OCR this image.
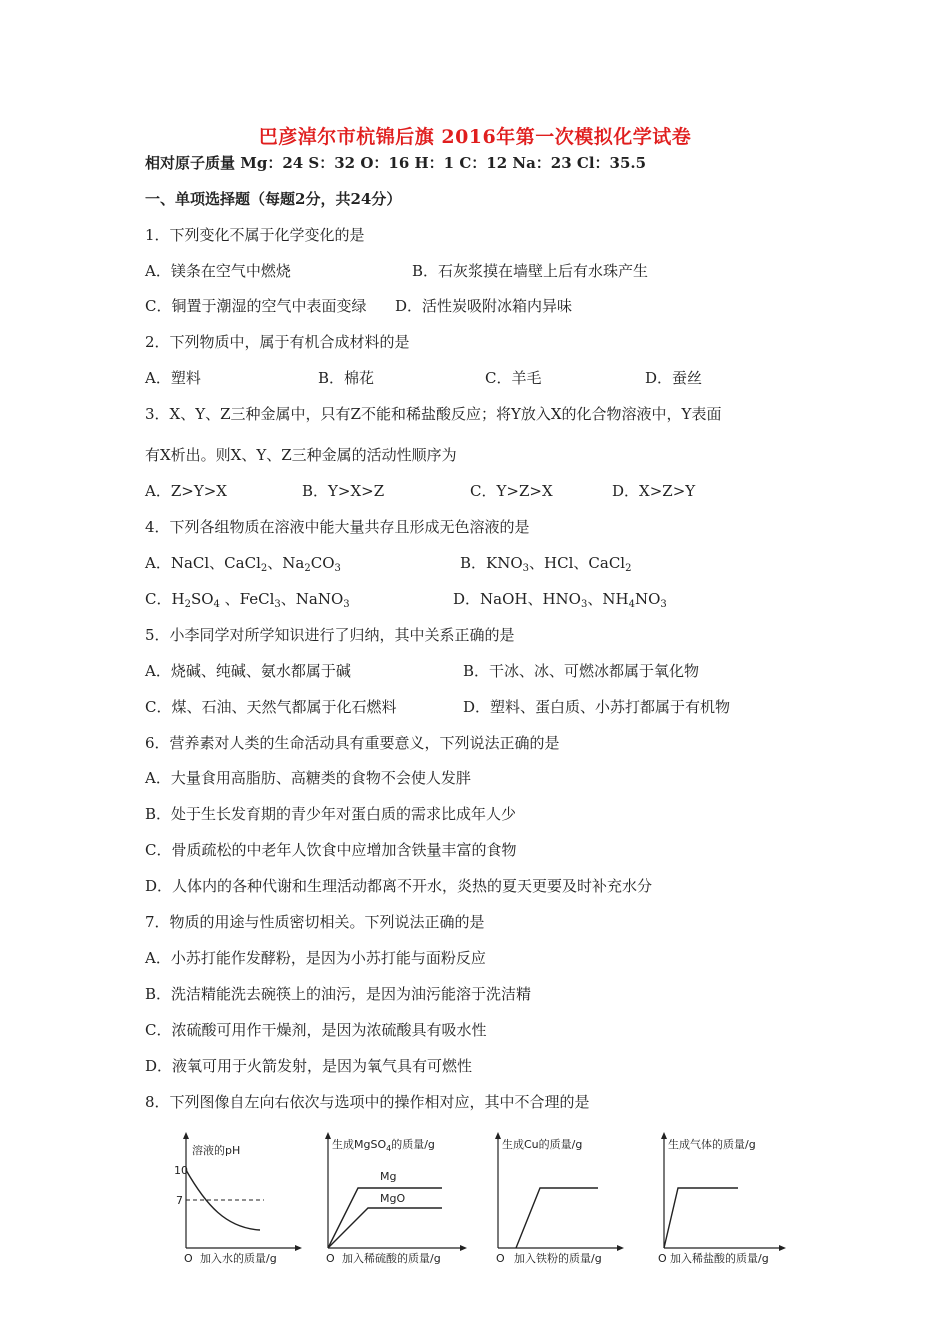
巴彦淖尔市杭锦后旗 2016年第一次模拟化学试卷
相对原子质量 Mg：24 S：32 O：16 H：1 C：12 Na：23 Cl：35.5
一、单项选择题（每题2分，共24分）
1．下列变化不属于化学变化的是
A．镁条在空气中燃烧	B．石灰浆摸在墙壁上后有水珠产生
C．铜置于潮湿的空气中表面变绿 D．活性炭吸附冰箱内异味
2．下列物质中，属于有机合成材料的是
A．塑料	B．棉花	C．羊毛	D．蚕丝
3．X、Y、Z三种金属中，只有Z不能和稀盐酸反应；将Y放入X的化合物溶液中，Y表面
有X析出。则X、Y、Z三种金属的活动性顺序为
A．Z>Y>X	B．Y>X>Z	C．Y>Z>X	D．X>Z>Y
4．下列各组物质在溶液中能大量共存且形成无色溶液的是
A．NaCl、CaCl$_2$、$Na_2CO_3$	B．$KNO_3$、HCl、CaCl$_2$
C．$H_2SO_4$ 、FeCl$_3$、NaNO$_3$	D．NaOH、$HNO_3$、$NH_4NO_3$
5．小李同学对所学知识进行了归纳，其中关系正确的是
A．烧碱、纯碱、氨水都属于碱	B．干冰、冰、可燃冰都属于氧化物
C．煤、石油、天然气都属于化石燃料	D．塑料、蛋白质、小苏打都属于有机物
6．营养素对人类的生命活动具有重要意义，下列说法正确的是
A．大量食用高脂肪、高糖类的食物不会使人发胖
B．处于生长发育期的青少年对蛋白质的需求比成年人少
C．骨质疏松的中老年人饮食中应增加含铁量丰富的食物
D．人体内的各种代谢和生理活动都离不开水，炎热的夏天更要及时补充水分
7．物质的用途与性质密切相关。下列说法正确的是
A．小苏打能作发酵粉，是因为小苏打能与面粉反应
B．洗洁精能洗去碗筷上的油污，是因为油污能溶于洗洁精
C．浓硫酸可用作干燥剂，是因为浓硫酸具有吸水性
D．液氧可用于火箭发射，是因为氧气具有可燃性
8．下列图像自左向右依次与选项中的操作相对应，其中不合理的是
溶液的pH
10
7
O 加入水的质量/g
生成MgSO$_4$的质量/g
Mg
MgO
O 加入稀硫酸的质量/g
生成Cu的质量/g
O 加入铁粉的质量/g
生成气体的质量/g
O 加入稀盐酸的质量/g
